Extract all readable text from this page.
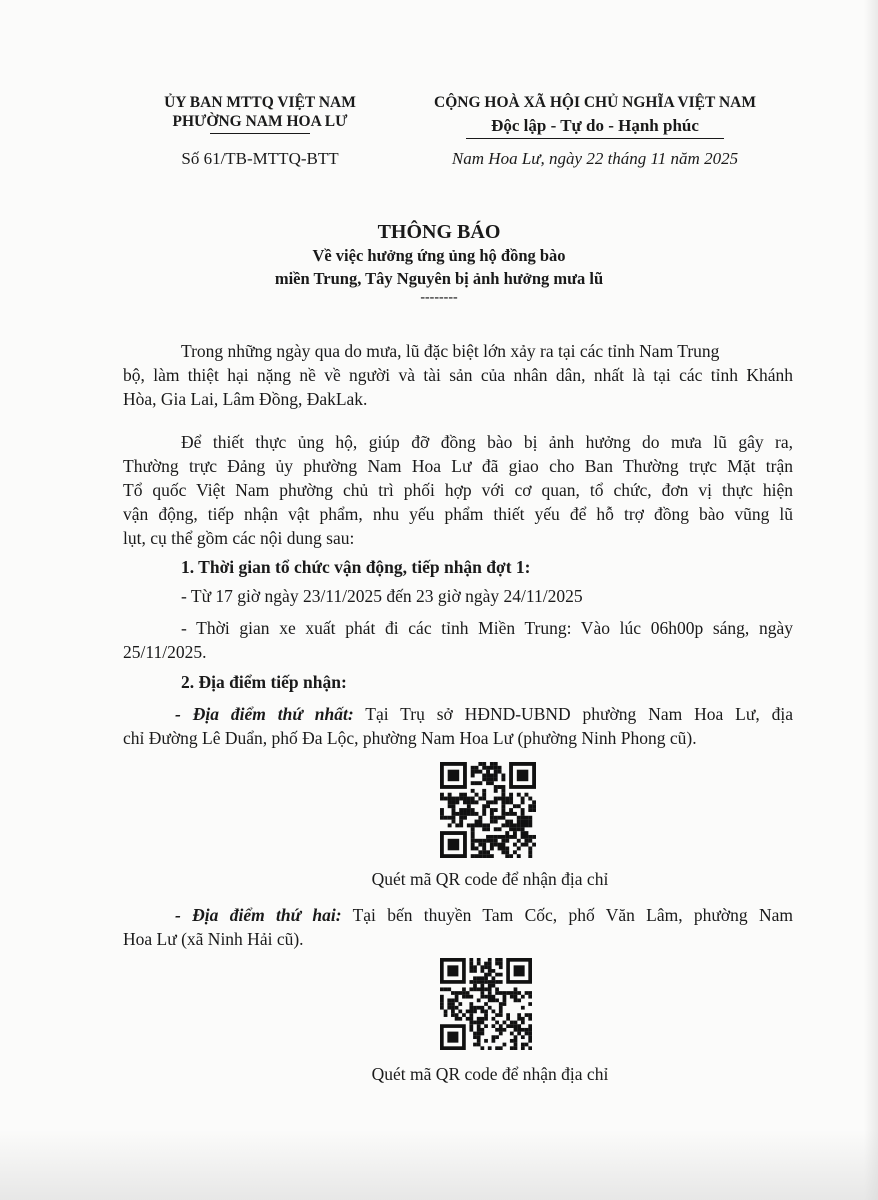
ỦY BAN MTTQ VIỆT NAM
PHƯỜNG NAM HOA LƯ
Số 61/TB-MTTQ-BTT
CỘNG HOÀ XÃ HỘI CHỦ NGHĨA VIỆT NAM
Độc lập - Tự do - Hạnh phúc
Nam Hoa Lư, ngày 22 tháng 11 năm 2025
THÔNG BÁO
Về việc hưởng ứng ủng hộ đồng bào
miền Trung, Tây Nguyên bị ảnh hưởng mưa lũ
--------
Trong những ngày qua do mưa, lũ đặc biệt lớn xảy ra tại các tỉnh Nam Trung
bộ, làm thiệt hại nặng nề về người và tài sản của nhân dân, nhất là tại các tỉnh Khánh
Hòa, Gia Lai, Lâm Đồng, ĐakLak.
Để thiết thực ủng hộ, giúp đỡ đồng bào bị ảnh hưởng do mưa lũ gây ra,
Thường trực Đảng ủy phường Nam Hoa Lư đã giao cho Ban Thường trực Mặt trận
Tổ quốc Việt Nam phường chủ trì phối hợp với cơ quan, tổ chức, đơn vị thực hiện
vận động, tiếp nhận vật phẩm, nhu yếu phẩm thiết yếu để hỗ trợ đồng bào vũng lũ
lụt, cụ thể gồm các nội dung sau:
1. Thời gian tổ chức vận động, tiếp nhận đợt 1:
- Từ 17 giờ ngày 23/11/2025 đến 23 giờ ngày 24/11/2025
- Thời gian xe xuất phát đi các tỉnh Miền Trung: Vào lúc 06h00p sáng, ngày
25/11/2025.
2. Địa điểm tiếp nhận:
- Địa điểm thứ nhất: Tại Trụ sở HĐND-UBND phường Nam Hoa Lư, địa
chỉ Đường Lê Duẩn, phố Đa Lộc, phường Nam Hoa Lư (phường Ninh Phong cũ).
Quét mã QR code để nhận địa chỉ
- Địa điểm thứ hai: Tại bến thuyền Tam Cốc, phố Văn Lâm, phường Nam
Hoa Lư (xã Ninh Hải cũ).
Quét mã QR code để nhận địa chỉ
